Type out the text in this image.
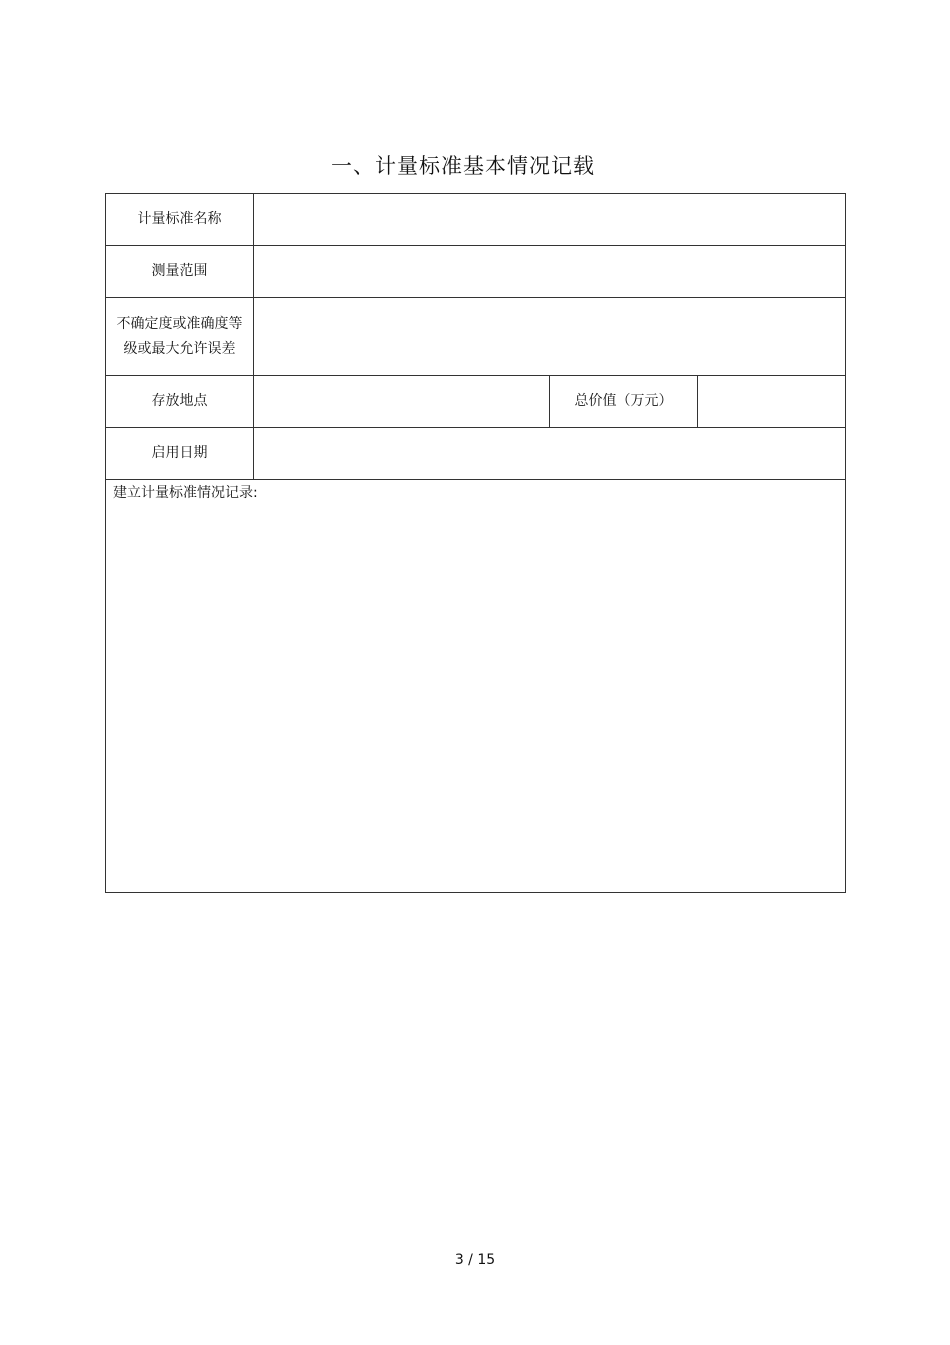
一、计量标准基本情况记载
计量标准名称			
测量范围			
不确定度或准确度等级或最大允许误差			
存放地点		总价值（万元）	
启用日期			
建立计量标准情况记录:			
3 / 15
